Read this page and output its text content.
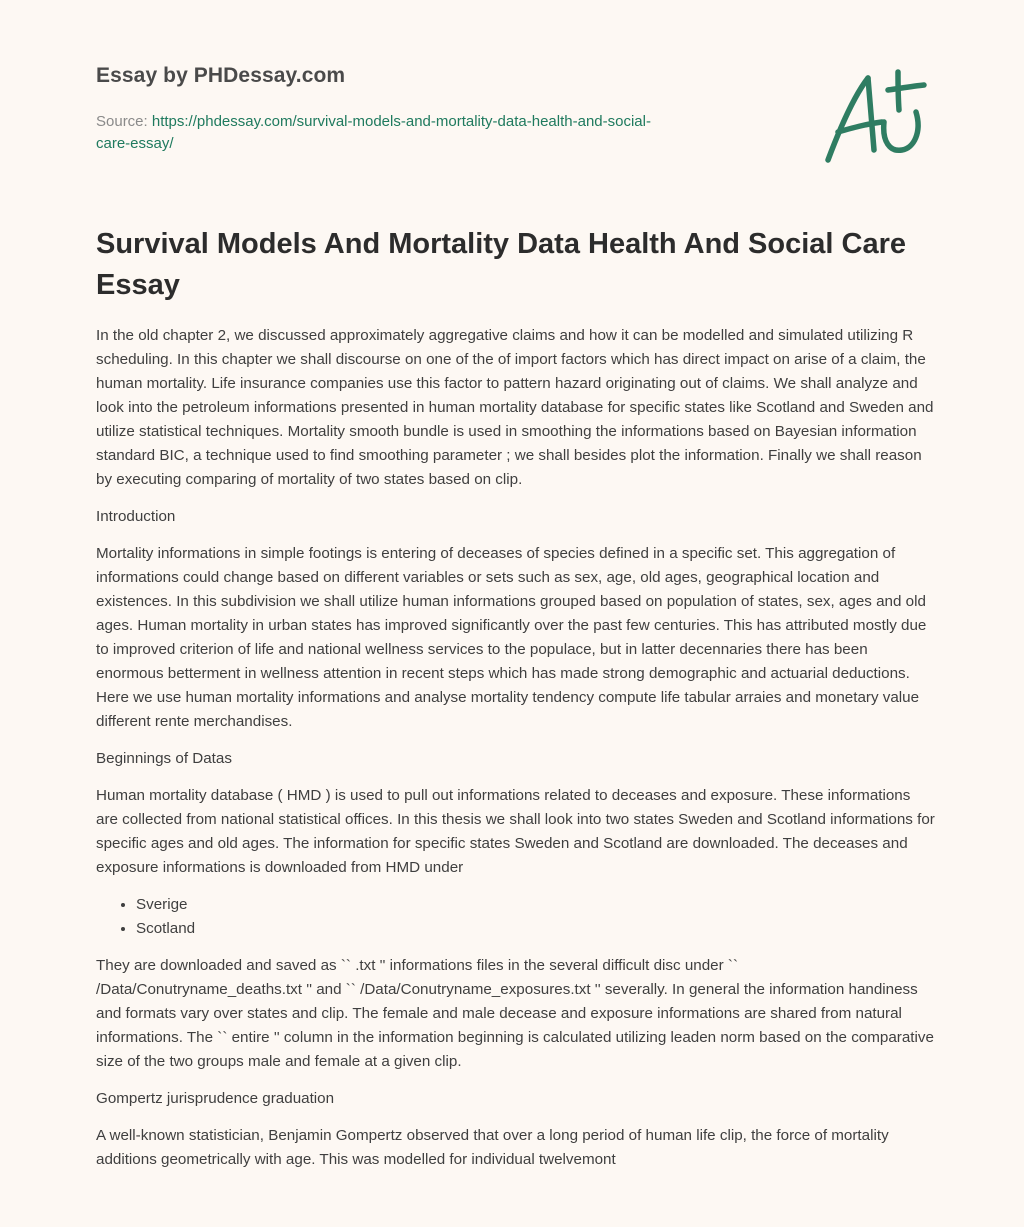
Essay by PHDessay.com
Source: https://phdessay.com/survival-models-and-mortality-data-health-and-social-
care-essay/
Survival Models And Mortality Data Health And Social Care Essay

In the old chapter 2, we discussed approximately aggregative claims and how it can be modelled and simulated utilizing R scheduling. In this chapter we shall discourse on one of the of import factors which has direct impact on arise of a claim, the human mortality. Life insurance companies use this factor to pattern hazard originating out of claims. We shall analyze and look into the petroleum informations presented in human mortality database for specific states like Scotland and Sweden and utilize statistical techniques. Mortality smooth bundle is used in smoothing the informations based on Bayesian information standard BIC, a technique used to find smoothing parameter ; we shall besides plot the information. Finally we shall reason by executing comparing of mortality of two states based on clip.

Introduction

Mortality informations in simple footings is entering of deceases of species defined in a specific set. This aggregation of informations could change based on different variables or sets such as sex, age, old ages, geographical location and existences. In this subdivision we shall utilize human informations grouped based on population of states, sex, ages and old ages. Human mortality in urban states has improved significantly over the past few centuries. This has attributed mostly due to improved criterion of life and national wellness services to the populace, but in latter decennaries there has been enormous betterment in wellness attention in recent steps which has made strong demographic and actuarial deductions. Here we use human mortality informations and analyse mortality tendency compute life tabular arraies and monetary value different rente merchandises.

Beginnings of Datas

Human mortality database ( HMD ) is used to pull out informations related to deceases and exposure. These informations are collected from national statistical offices. In this thesis we shall look into two states Sweden and Scotland informations for specific ages and old ages. The information for specific states Sweden and Scotland are downloaded. The deceases and exposure informations is downloaded from HMD under

• Sverige
• Scotland

They are downloaded and saved as `` .txt '' informations files in the several difficult disc under `` /Data/Conutryname_deaths.txt '' and `` /Data/Conutryname_exposures.txt '' severally. In general the information handiness and formats vary over states and clip. The female and male decease and exposure informations are shared from natural informations. The `` entire '' column in the information beginning is calculated utilizing leaden norm based on the comparative size of the two groups male and female at a given clip.

Gompertz jurisprudence graduation

A well-known statistician, Benjamin Gompertz observed that over a long period of human life clip, the force of mortality additions geometrically with age. This was modelled for individual twelvemont
